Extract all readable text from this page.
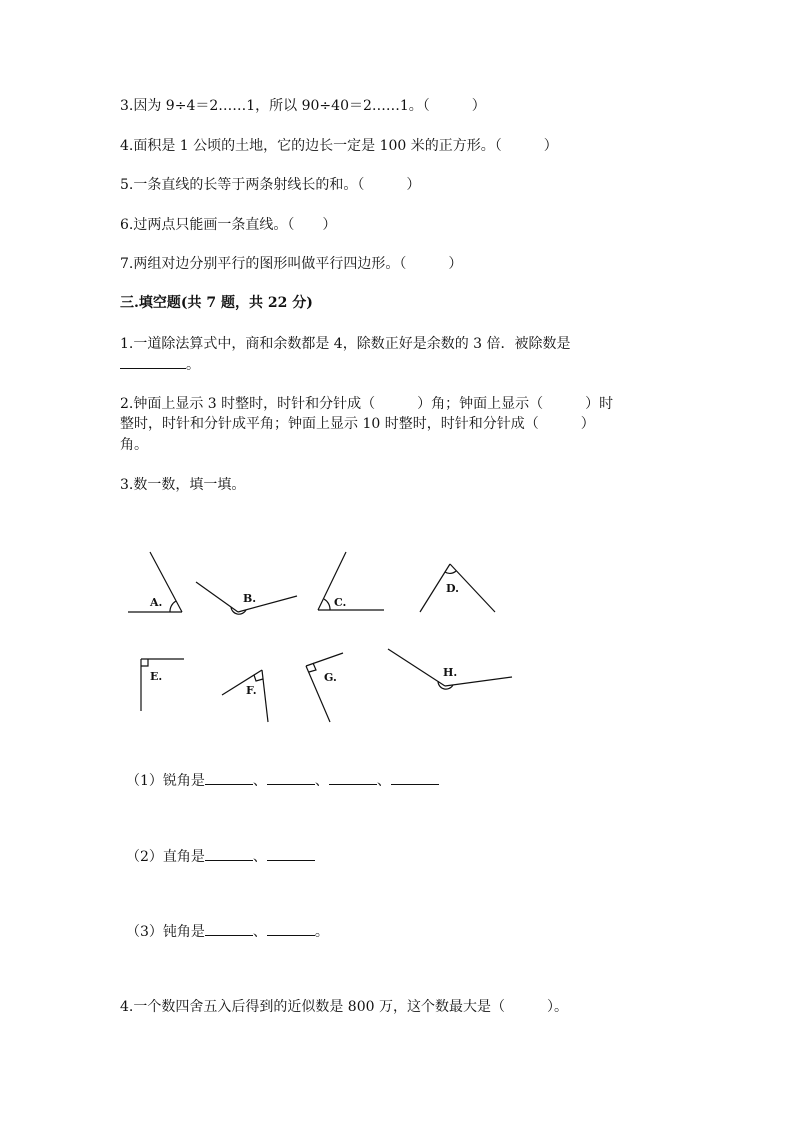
3.因为 9÷4＝2……1，所以 90÷40＝2……1。（　　　）
4.面积是 1 公顷的土地，它的边长一定是 100 米的正方形。（　　　）
5.一条直线的长等于两条射线长的和。（　　　）
6.过两点只能画一条直线。（　　）
7.两组对边分别平行的图形叫做平行四边形。（　　　）
三.填空题(共 7 题，共 22 分)
1.一道除法算式中，商和余数都是 4，除数正好是余数的 3 倍．被除数是
。
2.钟面上显示 3 时整时，时针和分针成（　　　）角；钟面上显示（　　　）时
整时，时针和分针成平角；钟面上显示 10 时整时，时针和分针成（　　　）
角。
3.数一数，填一填。
A.	B.	C.
D.
E.
F.
G.	H.
（1）锐角是	、	、	、
（2）直角是	、
（3）钝角是	、	。
4.一个数四舍五入后得到的近似数是 800 万，这个数最大是（　　　）。
